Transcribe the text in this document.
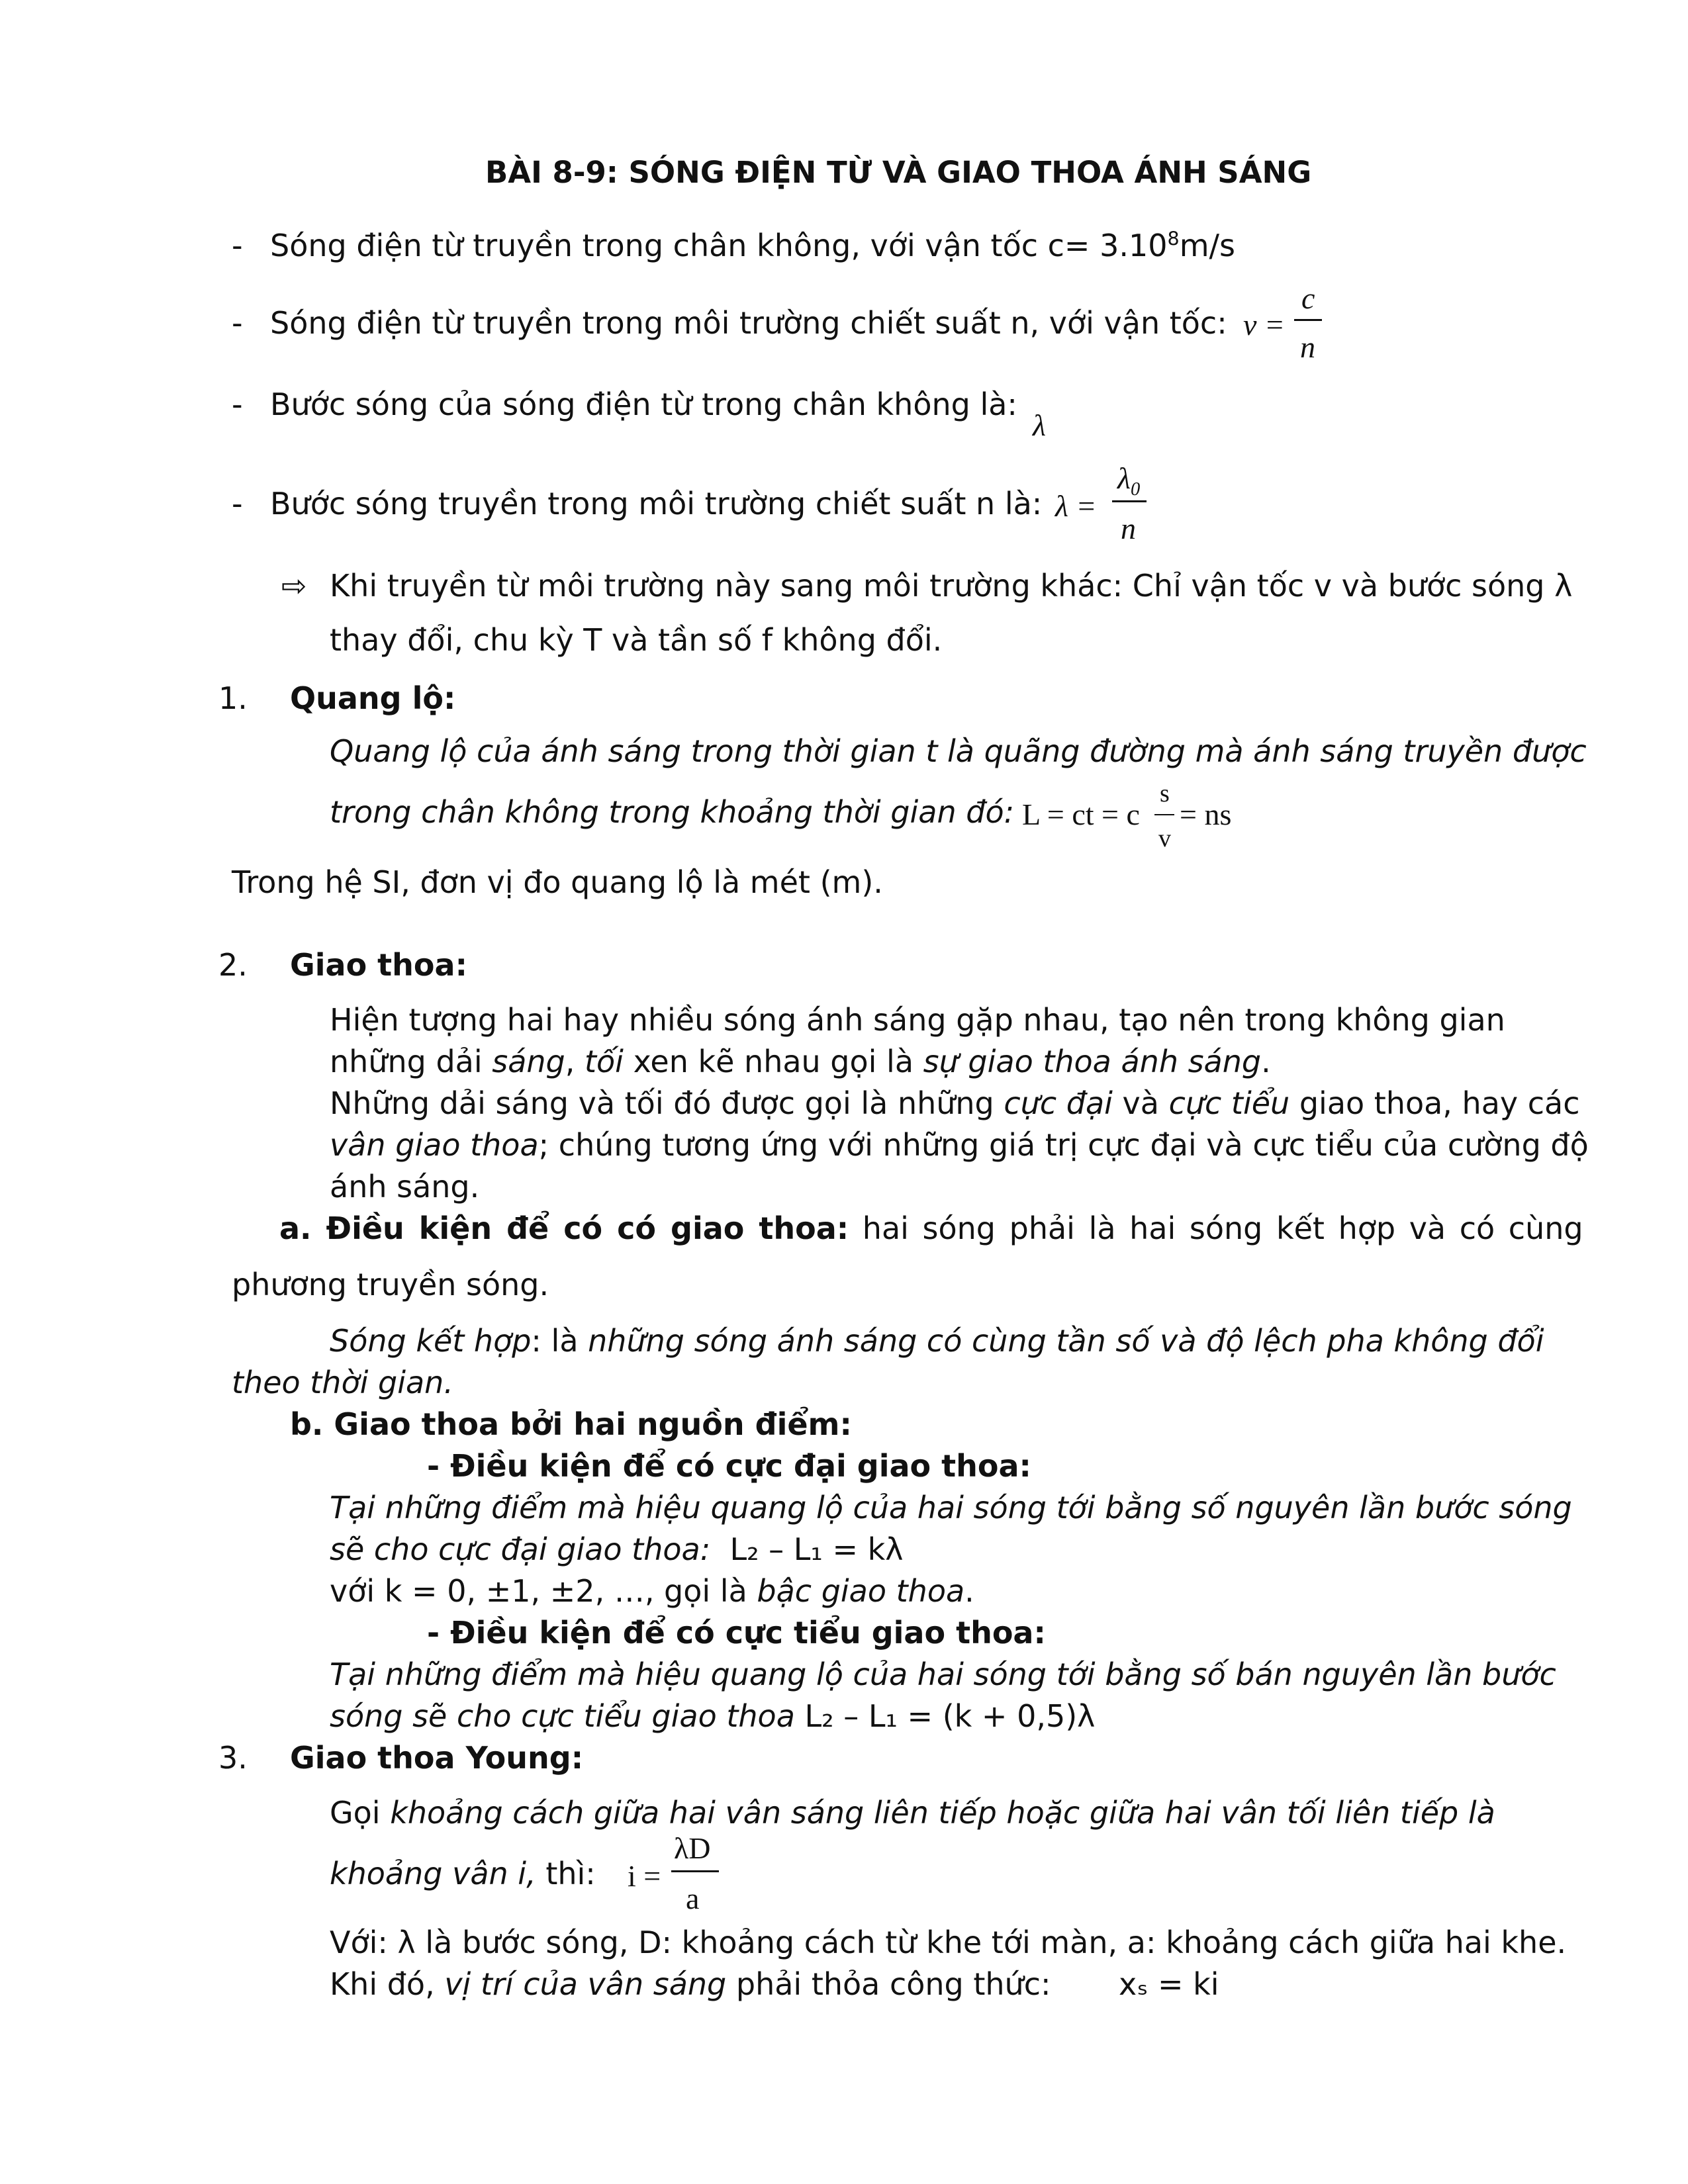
BÀI 8-9: SÓNG ĐIỆN TỪ VÀ GIAO THOA ÁNH SÁNG
- Sóng điện từ truyền trong chân không, với vận tốc $c= 3.10^8m/s$
- Sóng điện từ truyền trong môi trường chiết suất n, với vận tốc: v =
c
n
- Bước sóng của sóng điện từ trong chân không là:
λ
- Bước sóng truyền trong môi trường chiết suất n là: λ =
$\lambda_0$
n
⇨ Khi truyền từ môi trường này sang môi trường khác: Chỉ vận tốc v và bước sóng λ
thay đổi, chu kỳ T và tần số f không đổi.
1. Quang lộ:
Quang lộ của ánh sáng trong thời gian t là quãng đường mà ánh sáng truyền được
trong chân không trong khoảng thời gian đó: L = ct = c
s
v
= ns
Trong hệ SI, đơn vị đo quang lộ là mét (m).
2. Giao thoa:
Hiện tượng hai hay nhiều sóng ánh sáng gặp nhau, tạo nên trong không gian
những dải sáng, tối xen kẽ nhau gọi là sự giao thoa ánh sáng.
Những dải sáng và tối đó được gọi là những cực đại và cực tiểu giao thoa, hay các
vân giao thoa; chúng tương ứng với những giá trị cực đại và cực tiểu của cường độ
ánh sáng.
a. Điều kiện để có có giao thoa: hai sóng phải là hai sóng kết hợp và có cùng
phương truyền sóng.
Sóng kết hợp: là những sóng ánh sáng có cùng tần số và độ lệch pha không đổi
theo thời gian.
b. Giao thoa bởi hai nguồn điểm:
- Điều kiện để có cực đại giao thoa:
Tại những điểm mà hiệu quang lộ của hai sóng tới bằng số nguyên lần bước sóng
sẽ cho cực đại giao thoa: L₂ – L₁ = kλ
với k = 0, ±1, ±2, …, gọi là bậc giao thoa.
- Điều kiện để có cực tiểu giao thoa:
Tại những điểm mà hiệu quang lộ của hai sóng tới bằng số bán nguyên lần bước
sóng sẽ cho cực tiểu giao thoa L₂ – L₁ = (k + 0,5)λ
3. Giao thoa Young:
Gọi khoảng cách giữa hai vân sáng liên tiếp hoặc giữa hai vân tối liên tiếp là
khoảng vân i, thì: i =
λD
a
Với: λ là bước sóng, D: khoảng cách từ khe tới màn, a: khoảng cách giữa hai khe.
Khi đó, vị trí của vân sáng phải thỏa công thức: xₛ = ki
